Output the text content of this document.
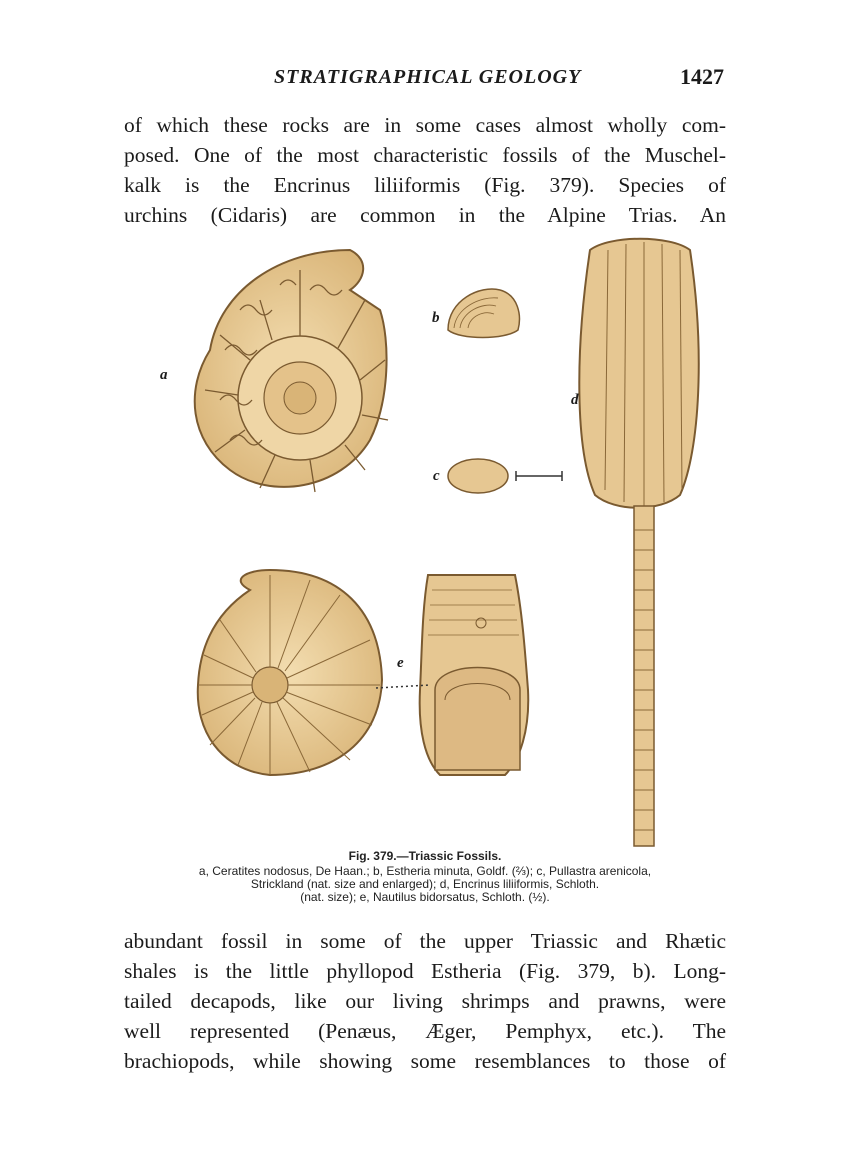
STRATIGRAPHICAL GEOLOGY	1427
of which these rocks are in some cases almost wholly com-
posed. One of the most characteristic fossils of the Muschel-
kalk is the Encrinus liliiformis (Fig. 379). Species of
urchins (Cidaris) are common in the Alpine Trias. An
a
b
c
d
e
Fig. 379.—Triassic Fossils.
a, Ceratites nodosus, De Haan.; b, Estheria minuta, Goldf. (⅔); c, Pullastra arenicola,
Strickland (nat. size and enlarged); d, Encrinus liliiformis, Schloth.
(nat. size); e, Nautilus bidorsatus, Schloth. (½).
abundant fossil in some of the upper Triassic and Rhætic
shales is the little phyllopod Estheria (Fig. 379, b). Long-
tailed decapods, like our living shrimps and prawns, were
well represented (Penæus, Æger, Pemphyx, etc.). The
brachiopods, while showing some resemblances to those of
